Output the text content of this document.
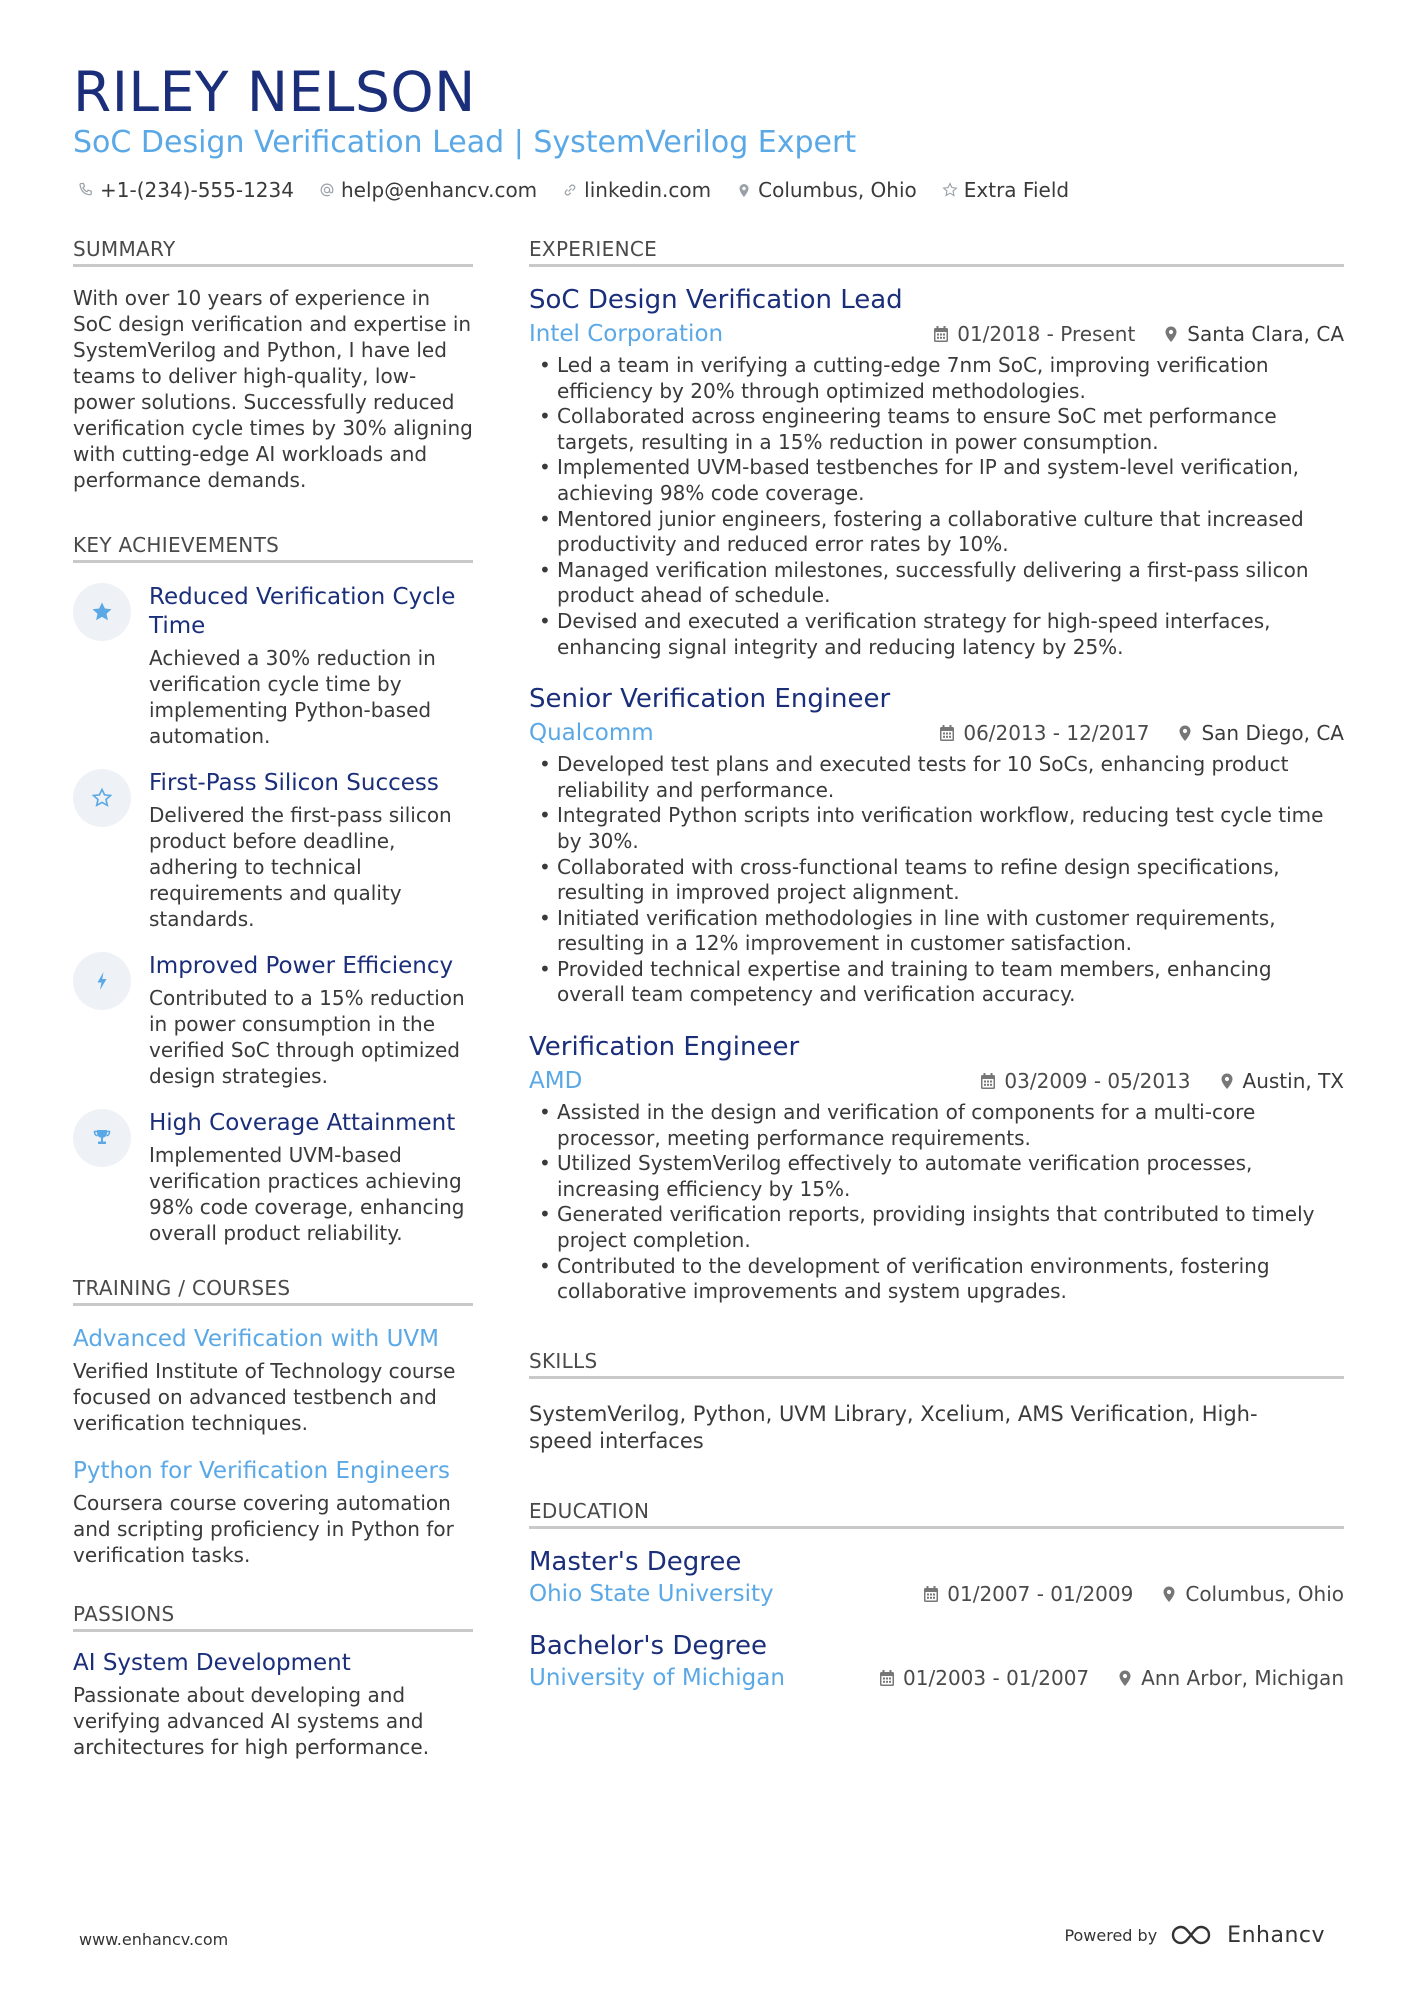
RILEY NELSON
SoC Design Verification Lead | SystemVerilog Expert
+1-(234)-555-1234 help@enhancv.com linkedin.com Columbus, Ohio Extra Field
SUMMARY

With over 10 years of experience in SoC design verification and expertise in SystemVerilog and Python, I have led teams to deliver high-quality, low-power solutions. Successfully reduced verification cycle times by 30% aligning with cutting-edge AI workloads and performance demands.

KEY ACHIEVEMENTS
Reduced Verification Cycle Time
Achieved a 30% reduction in verification cycle time by implementing Python-based automation.
First-Pass Silicon Success
Delivered the first-pass silicon product before deadline, adhering to technical requirements and quality standards.
Improved Power Efficiency
Contributed to a 15% reduction in power consumption in the verified SoC through optimized design strategies.
High Coverage Attainment
Implemented UVM-based verification practices achieving 98% code coverage, enhancing overall product reliability.
TRAINING / COURSES
Advanced Verification with UVM

Verified Institute of Technology course focused on advanced testbench and verification techniques.

Python for Verification Engineers

Coursera course covering automation and scripting proficiency in Python for verification tasks.

PASSIONS
AI System Development

Passionate about developing and verifying advanced AI systems and architectures for high performance.

EXPERIENCE
SoC Design Verification Lead
Intel Corporation	01/2018 - Present	Santa Clara, CA
• Led a team in verifying a cutting-edge 7nm SoC, improving verification efficiency by 20% through optimized methodologies.
• Collaborated across engineering teams to ensure SoC met performance targets, resulting in a 15% reduction in power consumption.
• Implemented UVM-based testbenches for IP and system-level verification, achieving 98% code coverage.
• Mentored junior engineers, fostering a collaborative culture that increased productivity and reduced error rates by 10%.
• Managed verification milestones, successfully delivering a first-pass silicon product ahead of schedule.
• Devised and executed a verification strategy for high-speed interfaces, enhancing signal integrity and reducing latency by 25%.
Senior Verification Engineer
Qualcomm	06/2013 - 12/2017	San Diego, CA
• Developed test plans and executed tests for 10 SoCs, enhancing product reliability and performance.
• Integrated Python scripts into verification workflow, reducing test cycle time by 30%.
• Collaborated with cross-functional teams to refine design specifications, resulting in improved project alignment.
• Initiated verification methodologies in line with customer requirements, resulting in a 12% improvement in customer satisfaction.
• Provided technical expertise and training to team members, enhancing overall team competency and verification accuracy.
Verification Engineer
AMD	03/2009 - 05/2013	Austin, TX
• Assisted in the design and verification of components for a multi-core processor, meeting performance requirements.
• Utilized SystemVerilog effectively to automate verification processes, increasing efficiency by 15%.
• Generated verification reports, providing insights that contributed to timely project completion.
• Contributed to the development of verification environments, fostering collaborative improvements and system upgrades.
SKILLS
SystemVerilog, Python, UVM Library, Xcelium, AMS Verification, High-speed interfaces
EDUCATION
Master's Degree
Ohio State University	01/2007 - 01/2009	Columbus, Ohio
Bachelor's Degree
University of Michigan	01/2003 - 01/2007	Ann Arbor, Michigan
www.enhancv.com	Powered by	Enhancv
